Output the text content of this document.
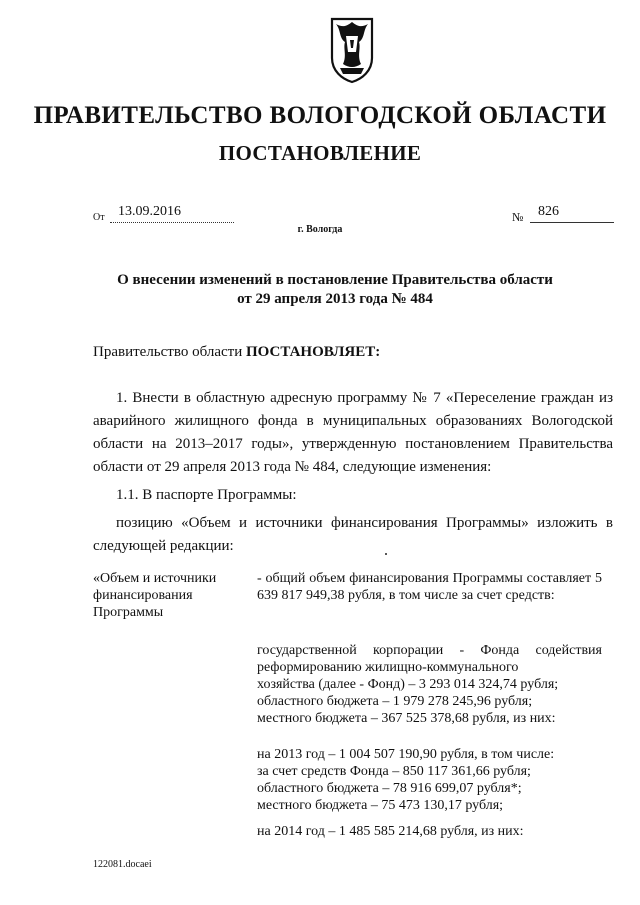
ПРАВИТЕЛЬСТВО ВОЛОГОДСКОЙ ОБЛАСТИ
ПОСТАНОВЛЕНИЕ
От 13.09.2016	№	826
г. Вологда
О внесении изменений в постановление Правительства области
от 29 апреля 2013 года № 484
Правительство области ПОСТАНОВЛЯЕТ:
1. Внести в областную адресную программу № 7 «Переселение граждан из аварийного жилищного фонда в муниципальных образованиях Вологодской области на 2013–2017 годы», утвержденную постановлением Правительства области от 29 апреля 2013 года № 484, следующие изменения:
1.1. В паспорте Программы:
позицию «Объем и источники финансирования Программы» изложить в следующей редакции:
«Объем и источники
финансирования
Программы
- общий объем финансирования Программы составляет 5 639 817 949,38 рубля, в том числе за счет средств:
государственной корпорации - Фонда содействия
реформированию жилищно-коммунального
хозяйства (далее - Фонд) – 3 293 014 324,74 рубля;
областного бюджета – 1 979 278 245,96 рубля;
местного бюджета – 367 525 378,68 рубля, из них:
на 2013 год – 1 004 507 190,90 рубля, в том числе:
за счет средств Фонда – 850 117 361,66 рубля;
областного бюджета – 78 916 699,07 рубля*;
местного бюджета – 75 473 130,17 рубля;
на 2014 год – 1 485 585 214,68 рубля, из них:
122081.docaei
